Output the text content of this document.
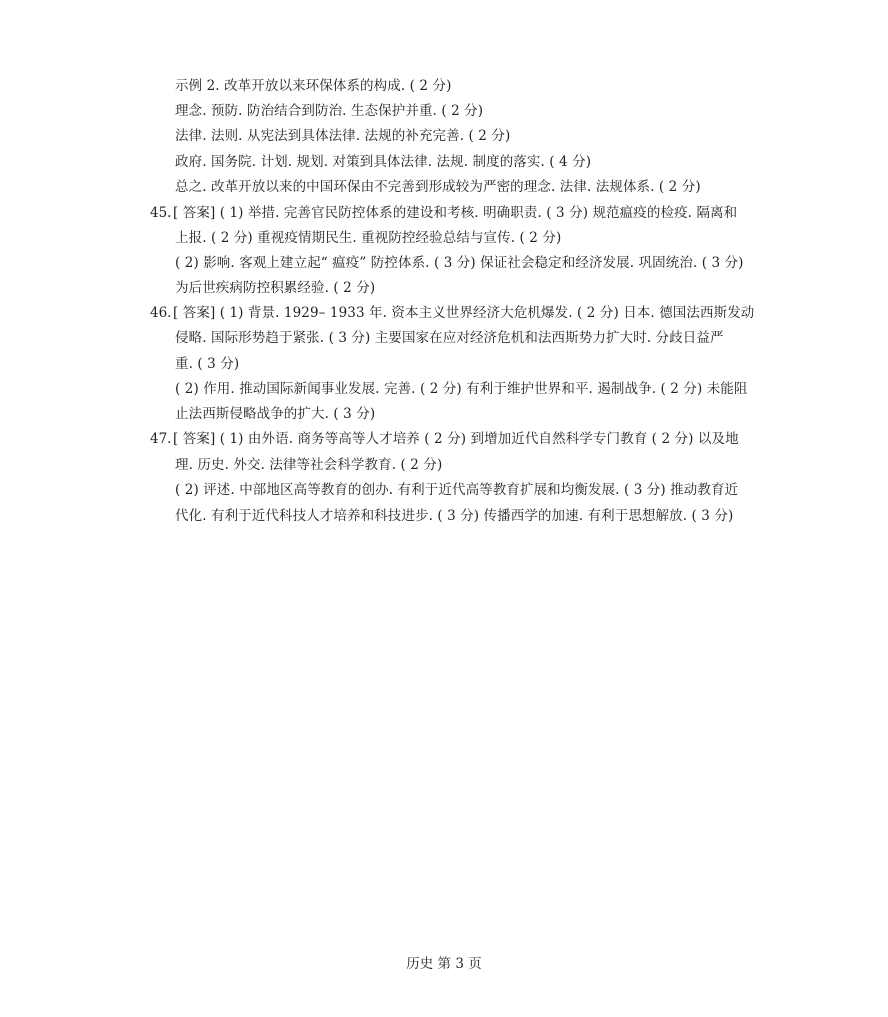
示例 2. 改革开放以来环保体系的构成. ( 2 分)
理念. 预防. 防治结合到防治. 生态保护并重. ( 2 分)
法律. 法则. 从宪法到具体法律. 法规的补充完善. ( 2 分)
政府. 国务院. 计划. 规划. 对策到具体法律. 法规. 制度的落实. ( 4 分)
总之. 改革开放以来的中国环保由不完善到形成较为严密的理念. 法律. 法规体系. ( 2 分)
45. [ 答案] ( 1) 举措. 完善官民防控体系的建设和考核. 明确职责. ( 3 分) 规范瘟疫的检疫. 隔离和
上报. ( 2 分) 重视疫情期民生. 重视防控经验总结与宣传. ( 2 分)
( 2) 影响. 客观上建立起“ 瘟疫” 防控体系. ( 3 分) 保证社会稳定和经济发展. 巩固统治. ( 3 分)
为后世疾病防控积累经验. ( 2 分)
46. [ 答案] ( 1) 背景. 1929– 1933 年. 资本主义世界经济大危机爆发. ( 2 分) 日本. 德国法西斯发动
侵略. 国际形势趋于紧张. ( 3 分) 主要国家在应对经济危机和法西斯势力扩大时. 分歧日益严
重. ( 3 分)
( 2) 作用. 推动国际新闻事业发展. 完善. ( 2 分) 有利于维护世界和平. 遏制战争. ( 2 分) 未能阻
止法西斯侵略战争的扩大. ( 3 分)
47. [ 答案] ( 1) 由外语. 商务等高等人才培养 ( 2 分) 到增加近代自然科学专门教育 ( 2 分) 以及地
理. 历史. 外交. 法律等社会科学教育. ( 2 分)
( 2) 评述. 中部地区高等教育的创办. 有利于近代高等教育扩展和均衡发展. ( 3 分) 推动教育近
代化. 有利于近代科技人才培养和科技进步. ( 3 分) 传播西学的加速. 有利于思想解放. ( 3 分)
历史 第 3 页
